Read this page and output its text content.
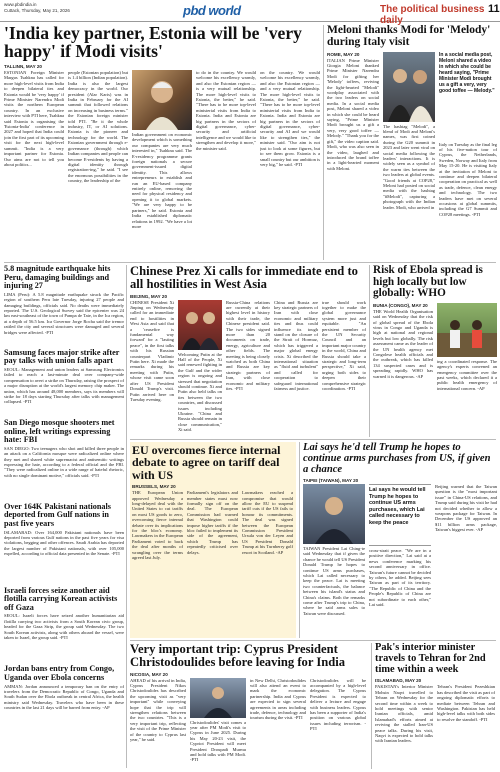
www.pbdindia.in
Cuttack, Thursday, May 21, 2026	pbd world	The political business daily
11
'India key partner, Estonia will be 'very happy' if Modi visits'
TALLINN, MAY 20

ESTONIAN Foreign Minister Margus Tsahkna has called for more high-level visits from India to deepen bilateral ties and Estonia would be 'very happy' if Prime Minister Narendra Modi visits the northern European country. In an exclusive interview with PTI here, Tsahkna said Estonia is organising the 'Estonia-India' conference in 2027 and hoped that India could join the first part of its upcoming visit for the next high-level summit. "India is a very important partner for Estonia. Our aims are not to tell you about politics...

people (Estonian population) but is 1.4 billion (Indian population). India is also the largest democracy in the world. Our president (Alar Karis) was in India in February for the AI summit that followed relations on increasing in business terms." the Estonian foreign minister told PTI. "Be it the whole industry, IT, or AI solutions. Estonia is the pioneer and technology for the world. The Estonian government through e-governance (through) which Indian companies and people can become E-residents by having a digital identity through registration-ing," he said. "I see the enormous possibilities in the country, the leadership of the

Indian government on economic development which is something our companies are very much interested in," Tsahkna said. The E-residency programme grants foreign nationals a secure government-issued digital identity. This allows entrepreneurs to establish and run an EU-based company entirely online, removing the need for physical residency and opening it to global markets. "We are very happy to be partners," he said. Estonia and India established diplomatic relations in 1992. "We have a lot more

to do in the country. We would welcome his excellency warmly, and also the Estonian region — is a very mutual relationship. The more high-level visits to Estonia, the better," he said. "There has to be more top-level ministerial visits from India to Estonia. India and Estonia are big partners in the sectors of digital governance, cyber-security and artificial intelligence and we would like to strengthen and develop it more," the minister said.

on the country. We would welcome his excellency warmly, and also the Estonian region — and a very mutual relationship. The more high-level visits to Estonia, the better," he said. "There has to be more top-level ministerial visits from India to Estonia. India and Estonia are big partners in the sectors of digital governance, cyber-security and AI and we would like to strengthen ties," the minister said. "Our aim is not just to look at some figures, but to see them grow. Estonia is a small country but our ambition is very big," he said. -PTI

Meloni thanks Modi for 'Melody' during Italy visit
ROME, MAY 20

ITALIAN Prime Minister Giorgia Meloni thanked Prime Minister Narendra Modi for gifting her 'Melody' toffees, reviving the light-hearted "Melodi" wordplay associated with the two leaders on social media. In a social media post, Meloni shared a video in which she could be heard saying, "Prime Minister Modi brought us a gift a very, very good toffee — Melody." "Thank you for the gift," the video caption said. Modi, who was also seen in the video, laughed and introduced the brand toffee in a light-hearted moment with Meloni.

The hashtag "Melodi", a blend of Modi and Meloni's names, was first coined during the G20 summit in 2023 and later went viral on social media following the leaders' interactions. It is widely seen as a symbol of the warm ties between the two leaders at global events. "Good friends at COP28," Meloni had posted on social media with the hashtag "#Melodi", capturing a photograph with the Indian leader. Modi, who arrived in

In a social media post, Meloni shared a video in which she could be heard saying, "Prime Minister Modi brought us a gift a very, very good toffee — Melody."

Italy on Tuesday as the final leg of his five-nation tour of Cyprus, the Netherlands, Sweden, Norway and Italy from May 15-20. He is visiting Italy at the invitation of Meloni to continue and deepen bilateral cooperation on practical as well as trade, defence, clean energy and technology. The two leaders have met on several occasions at global summits, including the G7 Summit and COP28 meetings. -PTI

5.8 magnitude earthquake hits Peru, damaging buildings and injuring 27

LIMA (Peru): A 5.8 magnitude earthquake struck the Pacific region of southern Peru late Tuesday, injuring 27 people and damaging buildings, officials said. No deaths were immediately reported. The U.S. Geological Survey said the epicenter was 24 km east-southeast of the town of Pampa de Tate, in the Ica region, at a depth of 56.5 km. Ica Governor Jorge Rocha said the tremor rattled the city and several structures were damaged and several bridges were affected. -PTI

Samsung faces major strike after pay talks with union falls apart

SEOUL: Management and union leaders at Samsung Electronics failed to reach a last-minute deal over company-wide compensation to avert a strike on Thursday, raising the prospect of a major disruption at the world's largest memory chip maker. The union, which has around 48,000 members, says its members will strike for 18 days starting Thursday after talks with management collapsed. -PTI

San Diego mosque shooters met online, left writings expressing hate: FBI

SAN DIEGO: Two teenagers who shot and killed three people in an attack on a California mosque were radicalized online where they met and shared white supremacist and antisemitic writings expressing the hate, according to a federal official and the FBI. "They were radicalized online in a wide range of hateful rhetoric, with no single dominant motive," officials said. -PTI

Over 164K Pakistani nationals deported from Gulf nations in past five years

ISLAMABAD: Over 164,000 Pakistani nationals have been deported from various Gulf nations in the past five years for visa violations, begging and other offences. Saudi Arabia has deported the largest number of Pakistani nationals, with over 105,000 expelled, according to official data presented in the Senate. -PTI

Israeli forces seize another aid flotilla carrying Korean activists off Gaza

SEOUL: Israeli forces have seized another humanitarian aid flotilla carrying two activists from a South Korean civic group, headed for the Gaza Strip, the group said Wednesday. The two South Korean activists, along with others aboard the vessel, were taken to Israel, the group said. -PTI

Jordan bans entry from Congo, Uganda over Ebola concerns

AMMAN: Jordan announced a temporary ban on the entry of travelers from the Democratic Republic of Congo, Uganda and South Sudan over the Ebola outbreak in central Africa, the health ministry said Wednesday. Travelers who have been in these countries in the last 21 days will be barred from entry. -AP

Chinese Prez Xi calls for immediate end to all hostilities in West Asia
BEIJING, MAY 20

CHINESE President Xi Jinping on Wednesday called for an immediate end to hostilities in West Asia and said that a 'ceasefire is fundamental way forward' for a "lasting peace", in the first talks with his Russian counterpart Vladimir Putin here. Xi made the remarks during his meeting with Putin, whose visit came soon after US President Donald Trump's visit. Putin arrived here on Tuesday evening.

Welcoming Putin at the Hall of the People, Xi said renewed fighting in the Gulf and the wider region is ongoing and stressed that negotiation should continue. Xi and Putin also held talks on ties between the two countries, and discussed issues including Ukraine. "China and Russia should remain in close communication," Xi said.

Russia-China relations are currently at their highest level in history with their trade, the Chinese president said. The two sides signed more than 20 documents on trade, energy, agriculture and other fields. The meeting is being closely watched as both China and Russia are key strategic partners of Iran, with close economic and military ties. -PTI

China and Russia are key strategic partners of Iran with close economic and military ties and thus could influence its tough stand on the closure of the Strait of Hormuz, which has triggered a major global energy crisis. Xi described the international situation as "fluid and turbulent" and called for cooperation to safeguard international fairness and justice.

true should work together to make the global governance system more just and equitable. "An persistent member of the UN Security Council and an important major country in the world, China and Russia should take a strategic and long-term perspective," Xi said, urging both sides to deepen their comprehensive strategic coordination. -PTI

Risk of Ebola spread is high locally but low globally: WHO
BUNIA (CONGO), MAY 20

THE World Health Organisation said on Wednesday that the risk of global spread of the Ebola virus in Congo and Uganda is high at national and regional levels but low globally. The risk assessment came as the leader of the UN health agency met Congolese health officials and the outbreak, which has killed 134 suspected cases and is spreading rapidly. WHO has warned it is dangerous. -AP

ing a coordinated response. The agency's experts convened an emergency committee over the past weeks, which declared it a public health emergency of international concern. -AP

EU overcomes fierce internal debate to agree on tariff deal with US
BRUSSELS, MAY 20

THE European Union approved Wednesday a long-delayed deal with the United States to cut tariffs on most US goods to zero, overcoming fierce internal debate over its implications for the bloc's economy. Lawmakers in the European Parliament voted to back the deal after months of wrangling over the terms agreed last July.

Parliament's legislators and member states must now formally sign off on the deal. The European Commission had warned that Washington could impose higher tariffs if the bloc failed to implement its side of the agreement, which Trump has repeatedly criticised over delays.

Lawmakers reached a compromise that would allow the EU to suspend tariff cuts if the US fails to honour its commitments. The deal was signed between the European Commission President Ursula von der Leyen and US President Donald Trump at his Turnberry golf resort in Scotland. -AP

Lai says he'd tell Trump he hopes to continue arms purchases from US, if given a chance
TAIPEI (TAIWAN), MAY 20

TAIWAN President Lai Ching-te said Wednesday that if given the chance he would tell US President Donald Trump he hopes to continue US arms purchases, which Lai called necessary to keep the peace. Lai is meeting two counterfactuals, the balance between his island's status and China's claims. Both the remarks come after Trump's trip to China, where he said arms sales to Taiwan were discussed.

Lai says he would tell Trump he hopes to continue US arms purchases, which Lai called necessary to keep the peace

cross-strait peace. "We are in a positive direction," Lai said at a news conference marking his second anniversary in office. Taiwan's future cannot be decided by others, he added. Beijing sees Taiwan as part of its territory. "The Republic of China and the People's Republic of China are not subordinate to each other," Lai said.

Beijing warned that the Taiwan question is the "most important issue" in China-US relations, and Trump said during his visit he had not decided whether to allow a weapons package for Taiwan. In December the US approved an $11 billion arms package, Taiwan's biggest ever. -AP

Very important trip: Cyprus President Christodoulides before leaving for India
NICOSIA, MAY 20

AHEAD of his arrival in India, Cyprus President Nikos Christodoulides has described the upcoming visit as "very important" while conveying hope that the trip will strengthen relations between the two countries. "This is a very important trip, reflecting the visit of the Prime Minister of the country to Cyprus last year," he said.

Christodoulides' visit comes a year after PM Modi's visit to Cyprus in June 2025. During his May 20-23 visit, the Cypriot President will meet President Droupadi Murmu and hold talks with PM Modi. -PTI

in New Delhi, Christodoulides will also attend an event to mark the economic partnership. India and Cyprus are expected to sign several agreements in areas including trade, defence, technology and tourism during the visit. -PTI

Christodoulides will be accompanied by a high-level delegation. The Cyprus President is expected to deliver a lecture and engage with business leaders. Cyprus has been a supporter of India's position on various global issues including terrorism. -PTI

Pak's interior minister travels to Tehran for 2nd time within a week
ISLAMABAD, MAY 20

PAKISTAN's Interior Minister Mohsin Naqvi travelled to Tehran on Wednesday for the second time within a week to hold meetings with senior Iranian officials, amid Islamabad's efforts aimed at reviving the stalled Iran-US peace talks. During his visit, Naqvi is expected to hold talks with Iranian leaders.

Tehran's President Pezeshkian has described the visit as part of ongoing diplomatic efforts to mediate between Tehran and Washington. Pakistan has held high-level talks with both sides to resolve the standoff. -PTI
